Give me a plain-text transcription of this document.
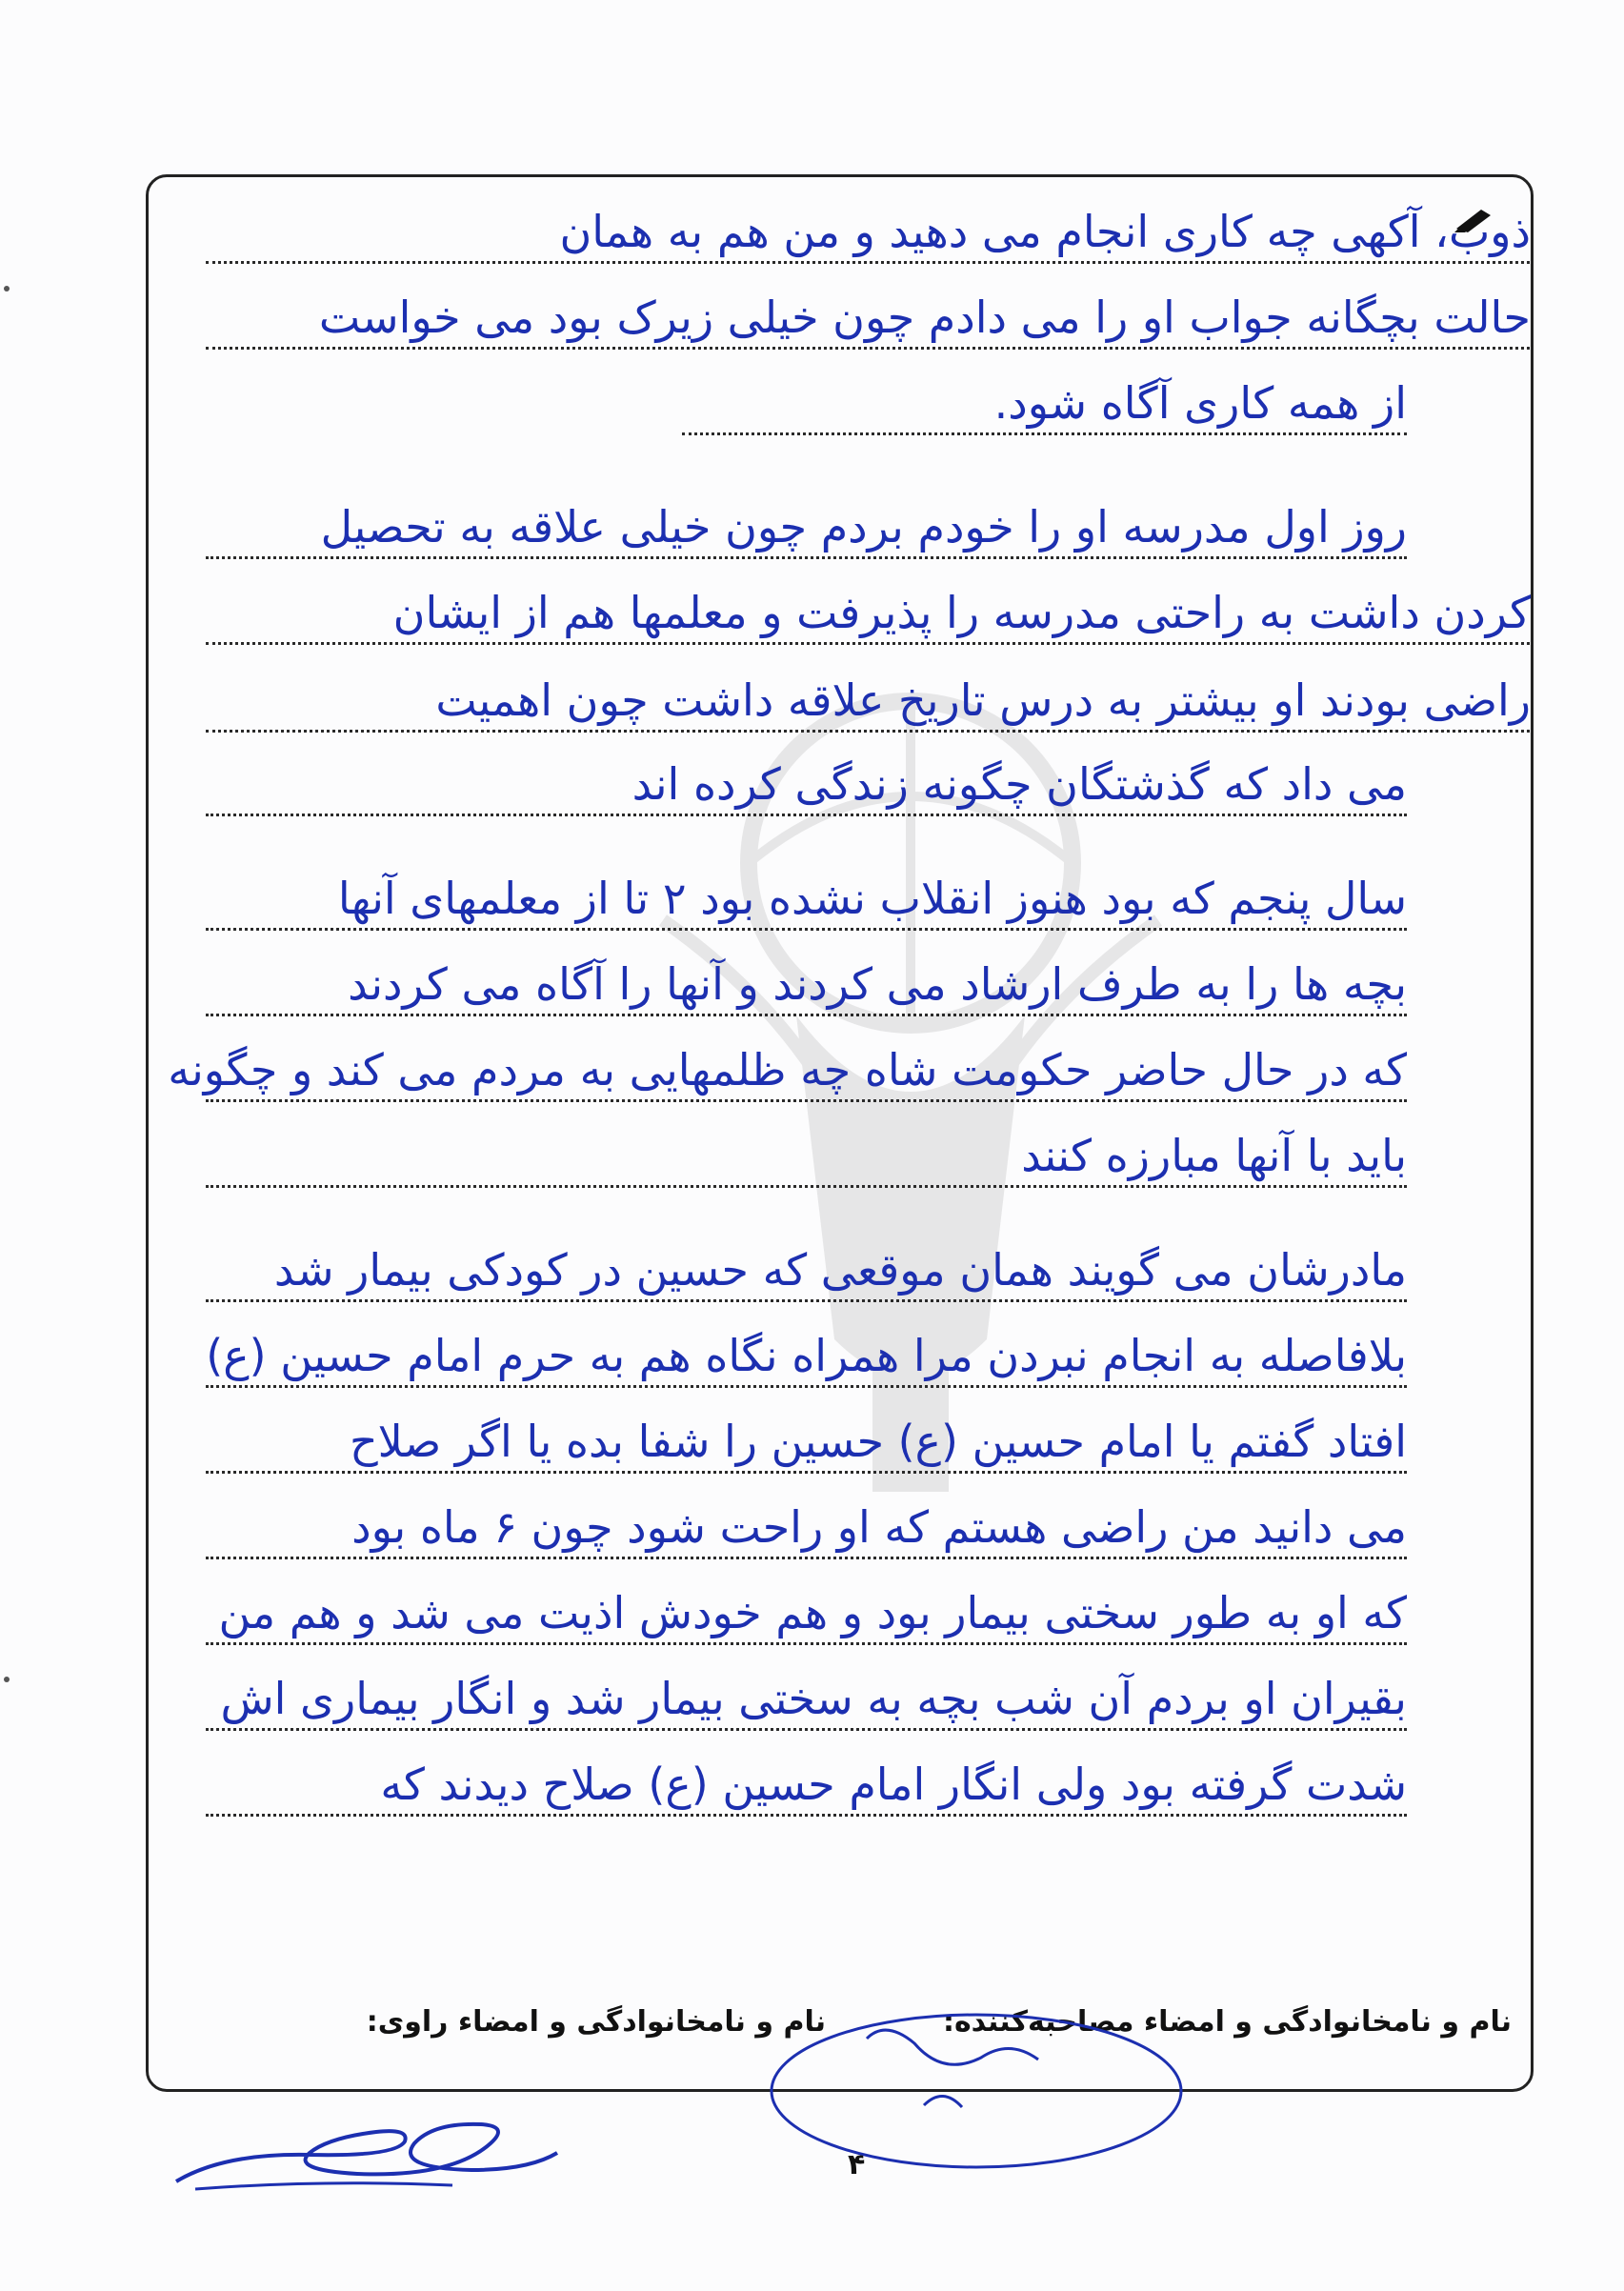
ذوب، آکهی چه کاری انجام می دهید و من هم به همان
حالت بچگانه جواب او را می دادم چون خیلی زیرک بود می خواست
از همه کاری آگاه شود.
روز اول مدرسه او را خودم بردم چون خیلی علاقه به تحصیل
کردن داشت به راحتی مدرسه را پذیرفت و معلمها هم از ایشان
راضی بودند او بیشتر به درس تاریخ علاقه داشت چون اهمیت
می داد که گذشتگان چگونه زندگی کرده اند
سال پنجم که بود هنوز انقلاب نشده بود ۲ تا از معلمهای آنها
بچه ها را به طرف ارشاد می کردند و آنها را آگاه می کردند
که در حال حاضر حکومت شاه چه ظلمهایی به مردم می کند و چگونه
باید با آنها مبارزه کنند
مادرشان می گویند همان موقعی که حسین در کودکی بیمار شد
بلافاصله به انجام نبردن مرا همراه نگاه هم به حرم امام حسین (ع)
افتاد گفتم یا امام حسین (ع) حسین را شفا بده یا اگر صلاح
می دانید من راضی هستم که او راحت شود چون ۶ ماه بود
که او به طور سختی بیمار بود و هم خودش اذیت می شد و هم من
بقیران او بردم آن شب بچه به سختی بیمار شد و انگار بیماری اش
شدت گرفته بود ولی انگار امام حسین (ع) صلاح دیدند که
نام و نامخانوادگی و امضاء مصاحبه‌کننده:
نام و نامخانوادگی و امضاء راوی:
۴
